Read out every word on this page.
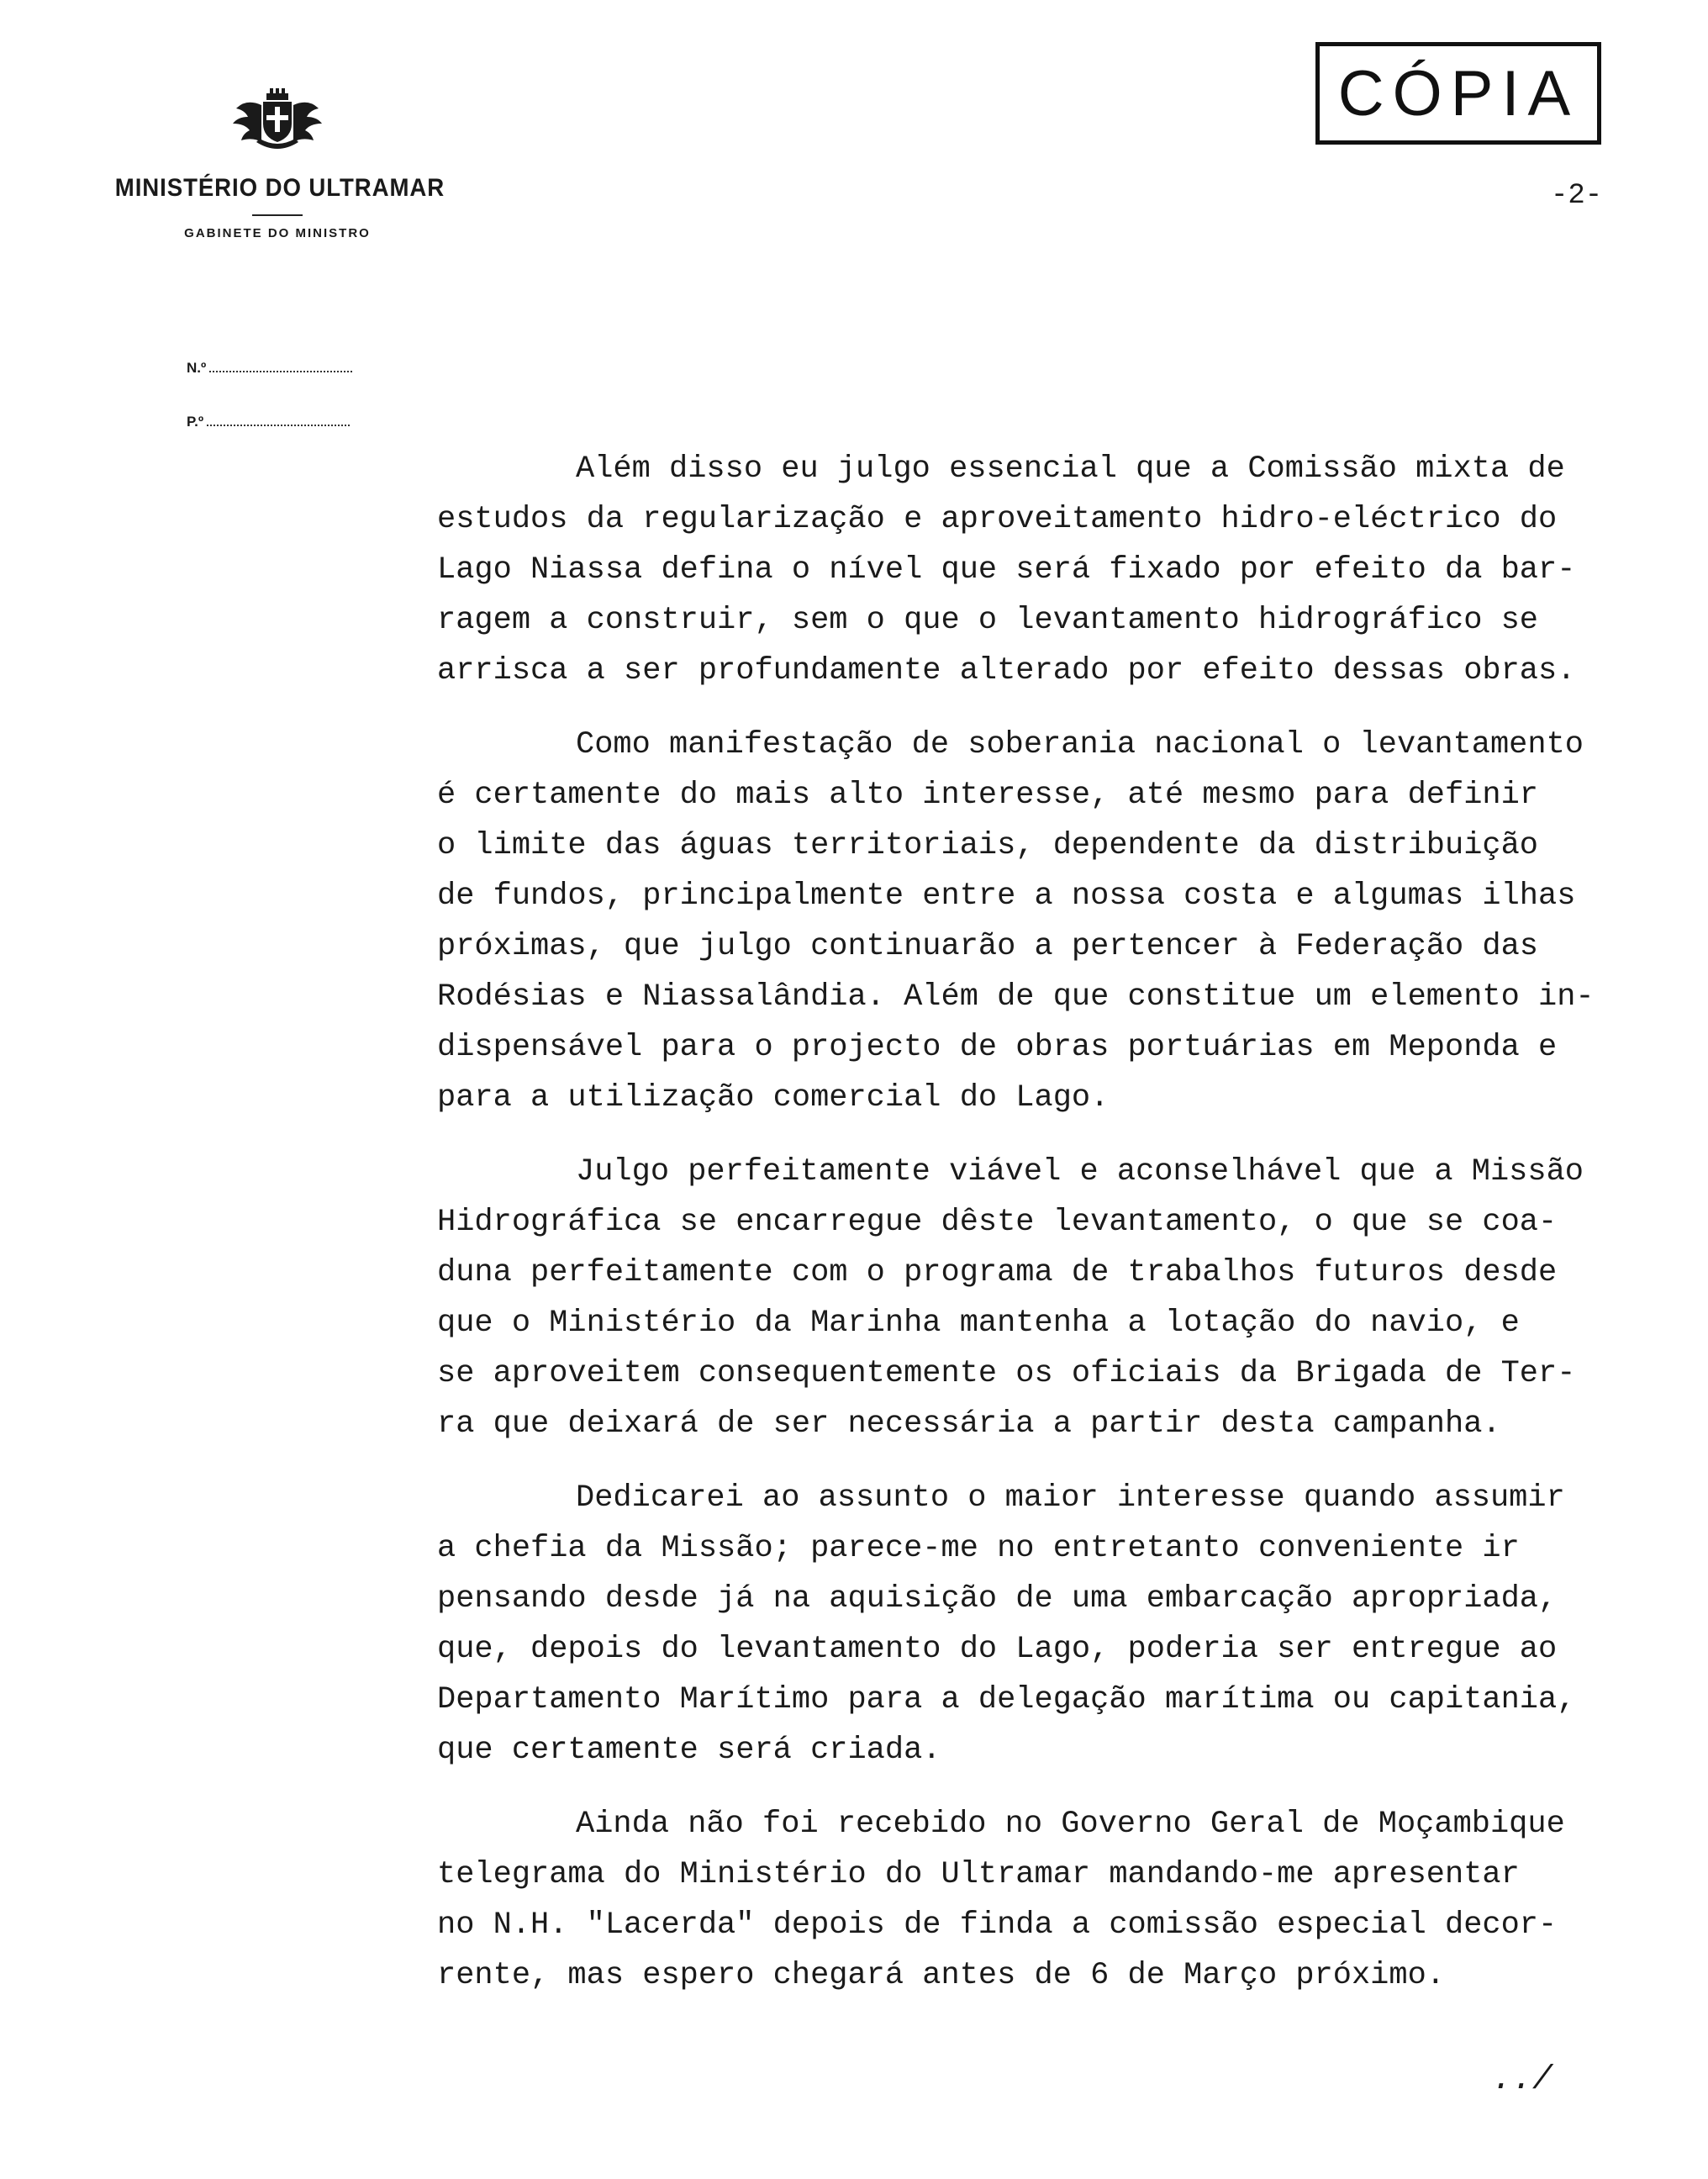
MINISTÉRIO DO ULTRAMAR
GABINETE DO MINISTRO
N.º
P.º
CÓPIA
-2-

Além disso eu julgo essencial que a Comissão mixta de
estudos da regularização e aproveitamento hidro-eléctrico do
Lago Niassa defina o nível que será fixado por efeito da bar-
ragem a construir, sem o que o levantamento hidrográfico se
arrisca a ser profundamente alterado por efeito dessas obras.

Como manifestação de soberania nacional o levantamento
é certamente do mais alto interesse, até mesmo para definir
o limite das águas territoriais, dependente da distribuição
de fundos, principalmente entre a nossa costa e algumas ilhas
próximas, que julgo continuarão a pertencer à Federação das
Rodésias e Niassalândia. Além de que constitue um elemento in-
dispensável para o projecto de obras portuárias em Meponda e
para a utilização comercial do Lago.

Julgo perfeitamente viável e aconselhável que a Missão
Hidrográfica se encarregue dêste levantamento, o que se coa-
duna perfeitamente com o programa de trabalhos futuros desde
que o Ministério da Marinha mantenha a lotação do navio, e
se aproveitem consequentemente os oficiais da Brigada de Ter-
ra que deixará de ser necessária a partir desta campanha.

Dedicarei ao assunto o maior interesse quando assumir
a chefia da Missão; parece-me no entretanto conveniente ir
pensando desde já na aquisição de uma embarcação apropriada,
que, depois do levantamento do Lago, poderia ser entregue ao
Departamento Marítimo para a delegação marítima ou capitania,
que certamente será criada.

Ainda não foi recebido no Governo Geral de Moçambique
telegrama do Ministério do Ultramar mandando-me apresentar
no N.H. "Lacerda" depois de finda a comissão especial decor-
rente, mas espero chegará antes de 6 de Março próximo.

../
